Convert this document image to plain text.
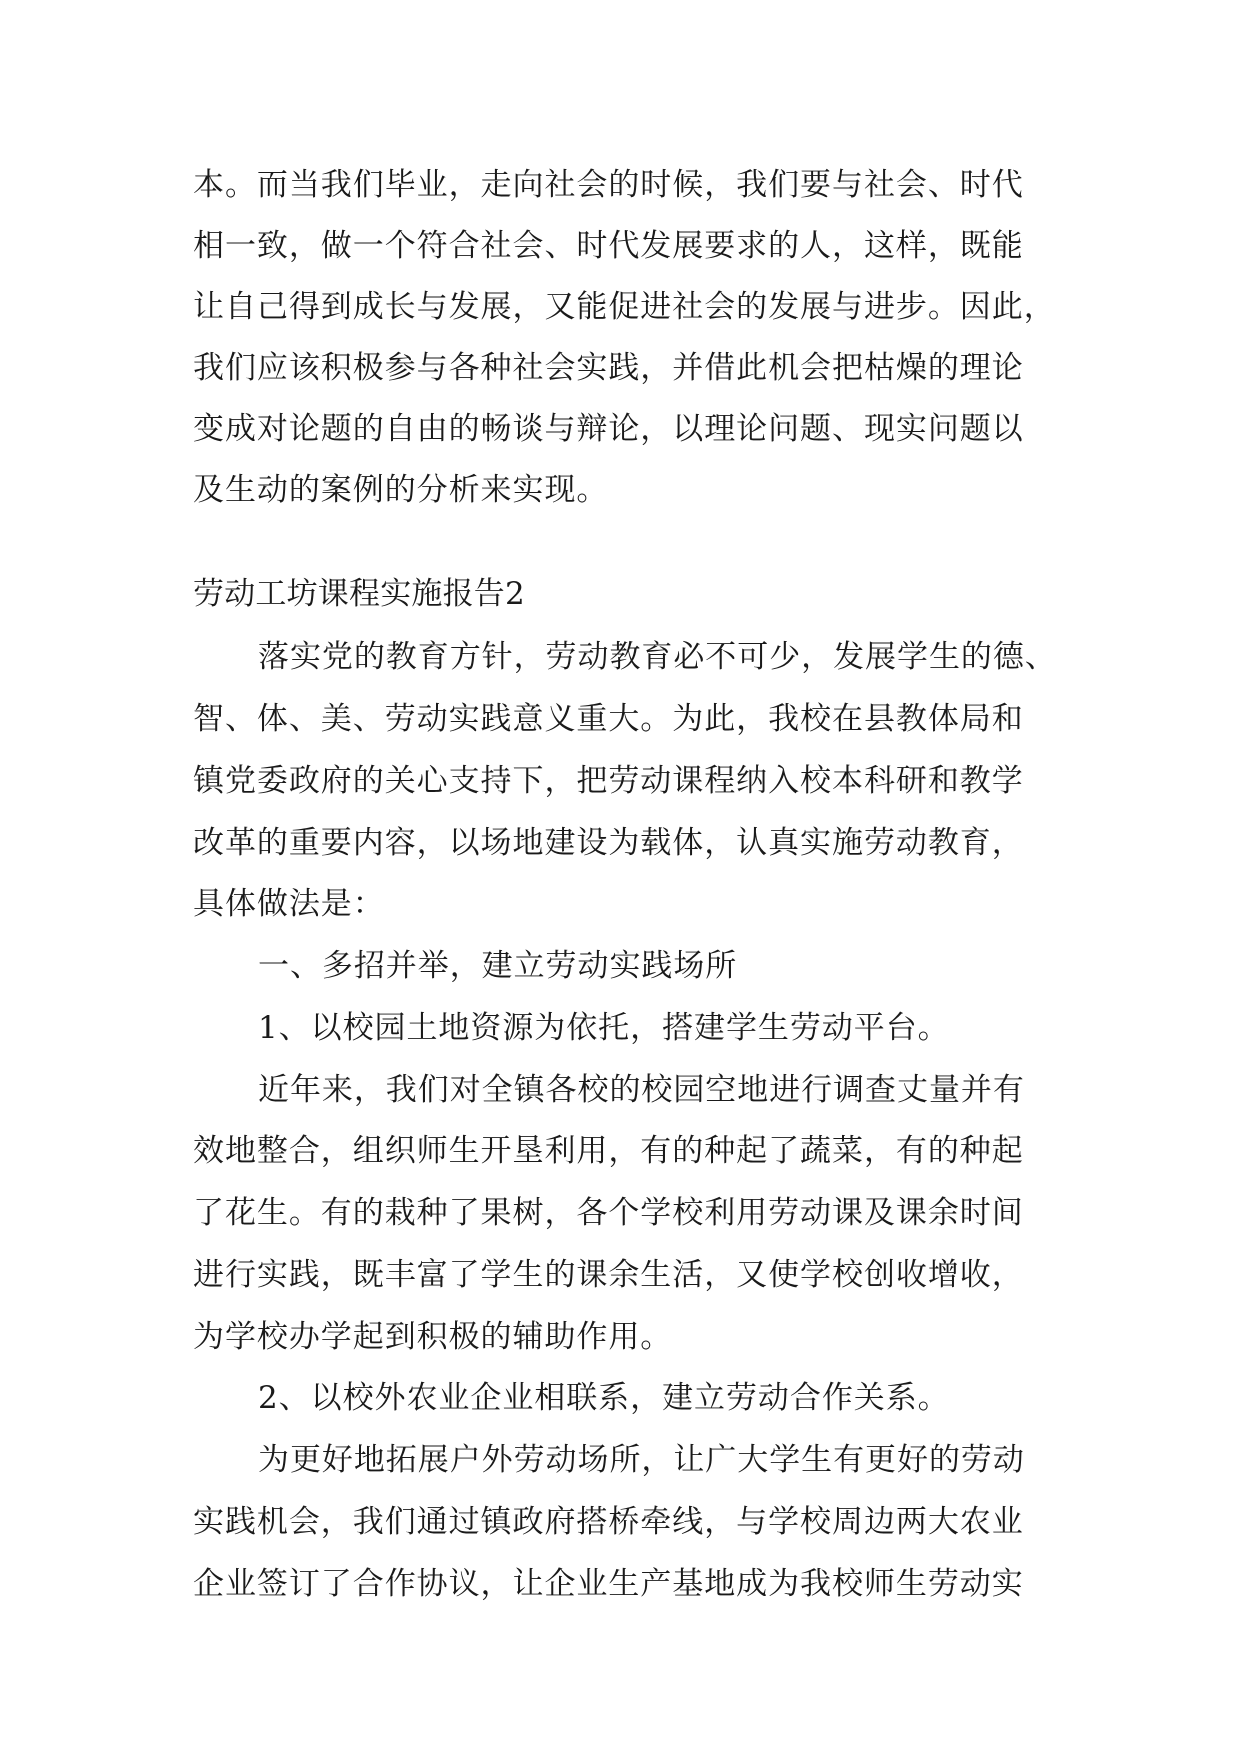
本。而当我们毕业，走向社会的时候，我们要与社会、时代
相一致，做一个符合社会、时代发展要求的人，这样，既能
让自己得到成长与发展，又能促进社会的发展与进步。因此，
我们应该积极参与各种社会实践，并借此机会把枯燥的理论
变成对论题的自由的畅谈与辩论，以理论问题、现实问题以
及生动的案例的分析来实现。
劳动工坊课程实施报告2
落实党的教育方针，劳动教育必不可少，发展学生的德、
智、体、美、劳动实践意义重大。为此，我校在县教体局和
镇党委政府的关心支持下，把劳动课程纳入校本科研和教学
改革的重要内容，以场地建设为载体，认真实施劳动教育，
具体做法是：
一、多招并举，建立劳动实践场所
1、以校园土地资源为依托，搭建学生劳动平台。
近年来，我们对全镇各校的校园空地进行调查丈量并有
效地整合，组织师生开垦利用，有的种起了蔬菜，有的种起
了花生。有的栽种了果树，各个学校利用劳动课及课余时间
进行实践，既丰富了学生的课余生活，又使学校创收增收，
为学校办学起到积极的辅助作用。
2、以校外农业企业相联系，建立劳动合作关系。
为更好地拓展户外劳动场所，让广大学生有更好的劳动
实践机会，我们通过镇政府搭桥牵线，与学校周边两大农业
企业签订了合作协议，让企业生产基地成为我校师生劳动实
